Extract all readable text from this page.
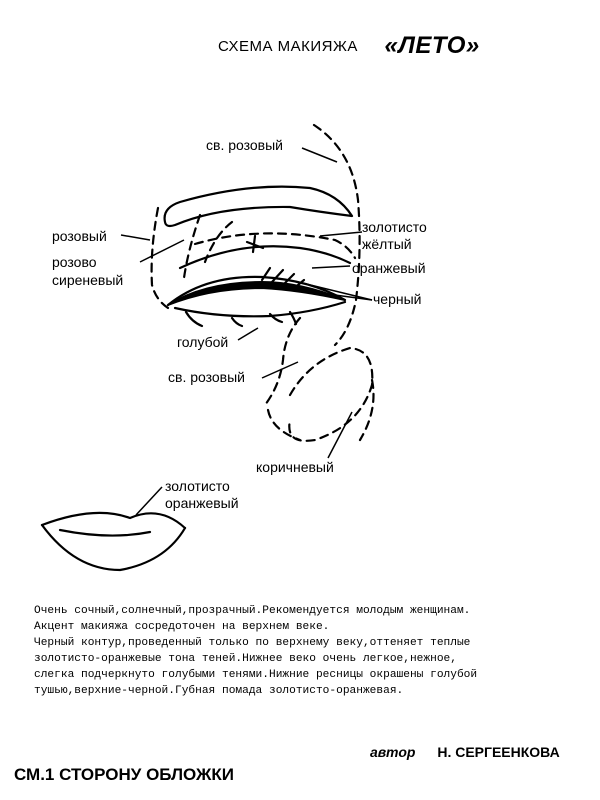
СХЕМА МАКИЯЖА «ЛЕТО»
св. розовый
розовый
розово
сиреневый
золотисто
жёлтый
оранжевый
черный
голубой
св. розовый
коричневый
золотисто
оранжевый

Очень сочный,солнечный,прозрачный.Рекомендуется молодым женщинам.

Акцент макияжа сосредоточен на верхнем веке.

Черный контур,проведенный только по верхнему веку,оттеняет теплые

золотисто-оранжевые тона теней.Нижнее веко очень легкое,нежное,

слегка подчеркнуто голубыми тенями.Нижние ресницы окрашены голубой

тушью,верхние-черной.Губная помада золотисто-оранжевая.

автор Н. СЕРГЕЕНКОВА
СМ.1 СТОРОНУ ОБЛОЖКИ
